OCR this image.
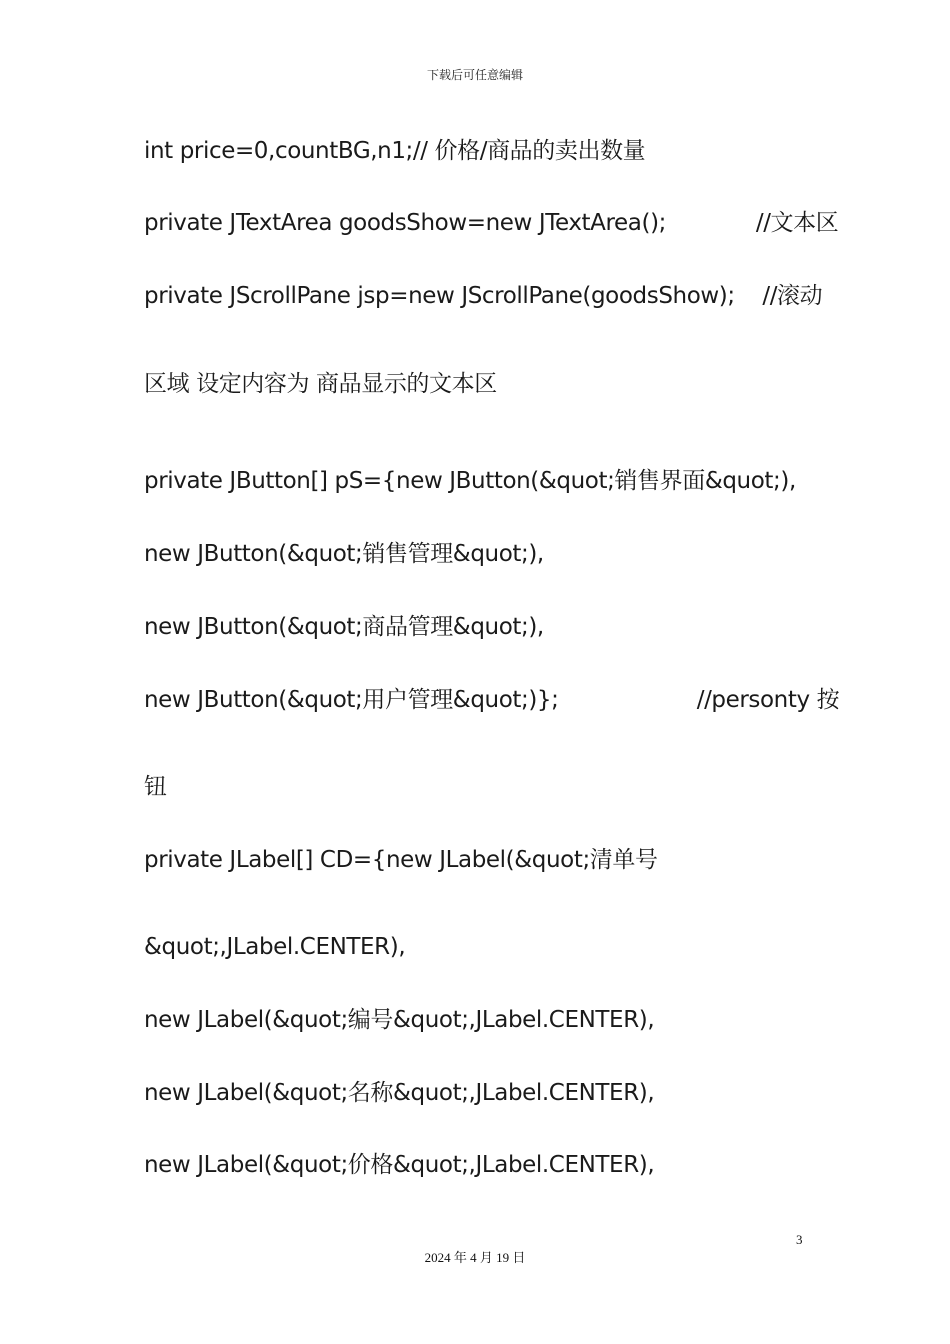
下载后可任意编辑
int price=0,countBG,n1;// 价格/商品的卖出数量
private JTextArea goodsShow=new JTextArea();             //文本区
private JScrollPane jsp=new JScrollPane(goodsShow);    //滚动
区域 设定内容为 商品显示的文本区
private JButton[] pS={new JButton(&quot;销售界面&quot;),
new JButton(&quot;销售管理&quot;),
new JButton(&quot;商品管理&quot;),
new JButton(&quot;用户管理&quot;)};                    //personty 按
钮
private JLabel[] CD={new JLabel(&quot;清单号
&quot;,JLabel.CENTER),
new JLabel(&quot;编号&quot;,JLabel.CENTER),
new JLabel(&quot;名称&quot;,JLabel.CENTER),
new JLabel(&quot;价格&quot;,JLabel.CENTER),
3
2024 年 4 月 19 日
